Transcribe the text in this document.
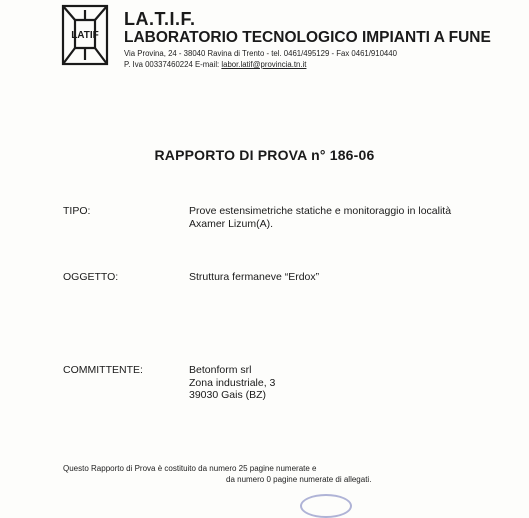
LATIF
LA.T.I.F.
LABORATORIO TECNOLOGICO IMPIANTI A FUNE
Via Provina, 24 - 38040 Ravina di Trento - tel. 0461/495129 - Fax 0461/910440
P. Iva 00337460224 E-mail: labor.latif@provincia.tn.it
RAPPORTO DI PROVA n° 186-06
TIPO:	Prove estensimetriche statiche e monitoraggio in località
Axamer Lizum(A).
OGGETTO:	Struttura fermaneve “Erdox”
COMMITTENTE:	Betonform srl
Zona industriale, 3
39030 Gais (BZ)
Questo Rapporto di Prova è costituito da numero 25 pagine numerate e
da numero 0 pagine numerate di allegati.
